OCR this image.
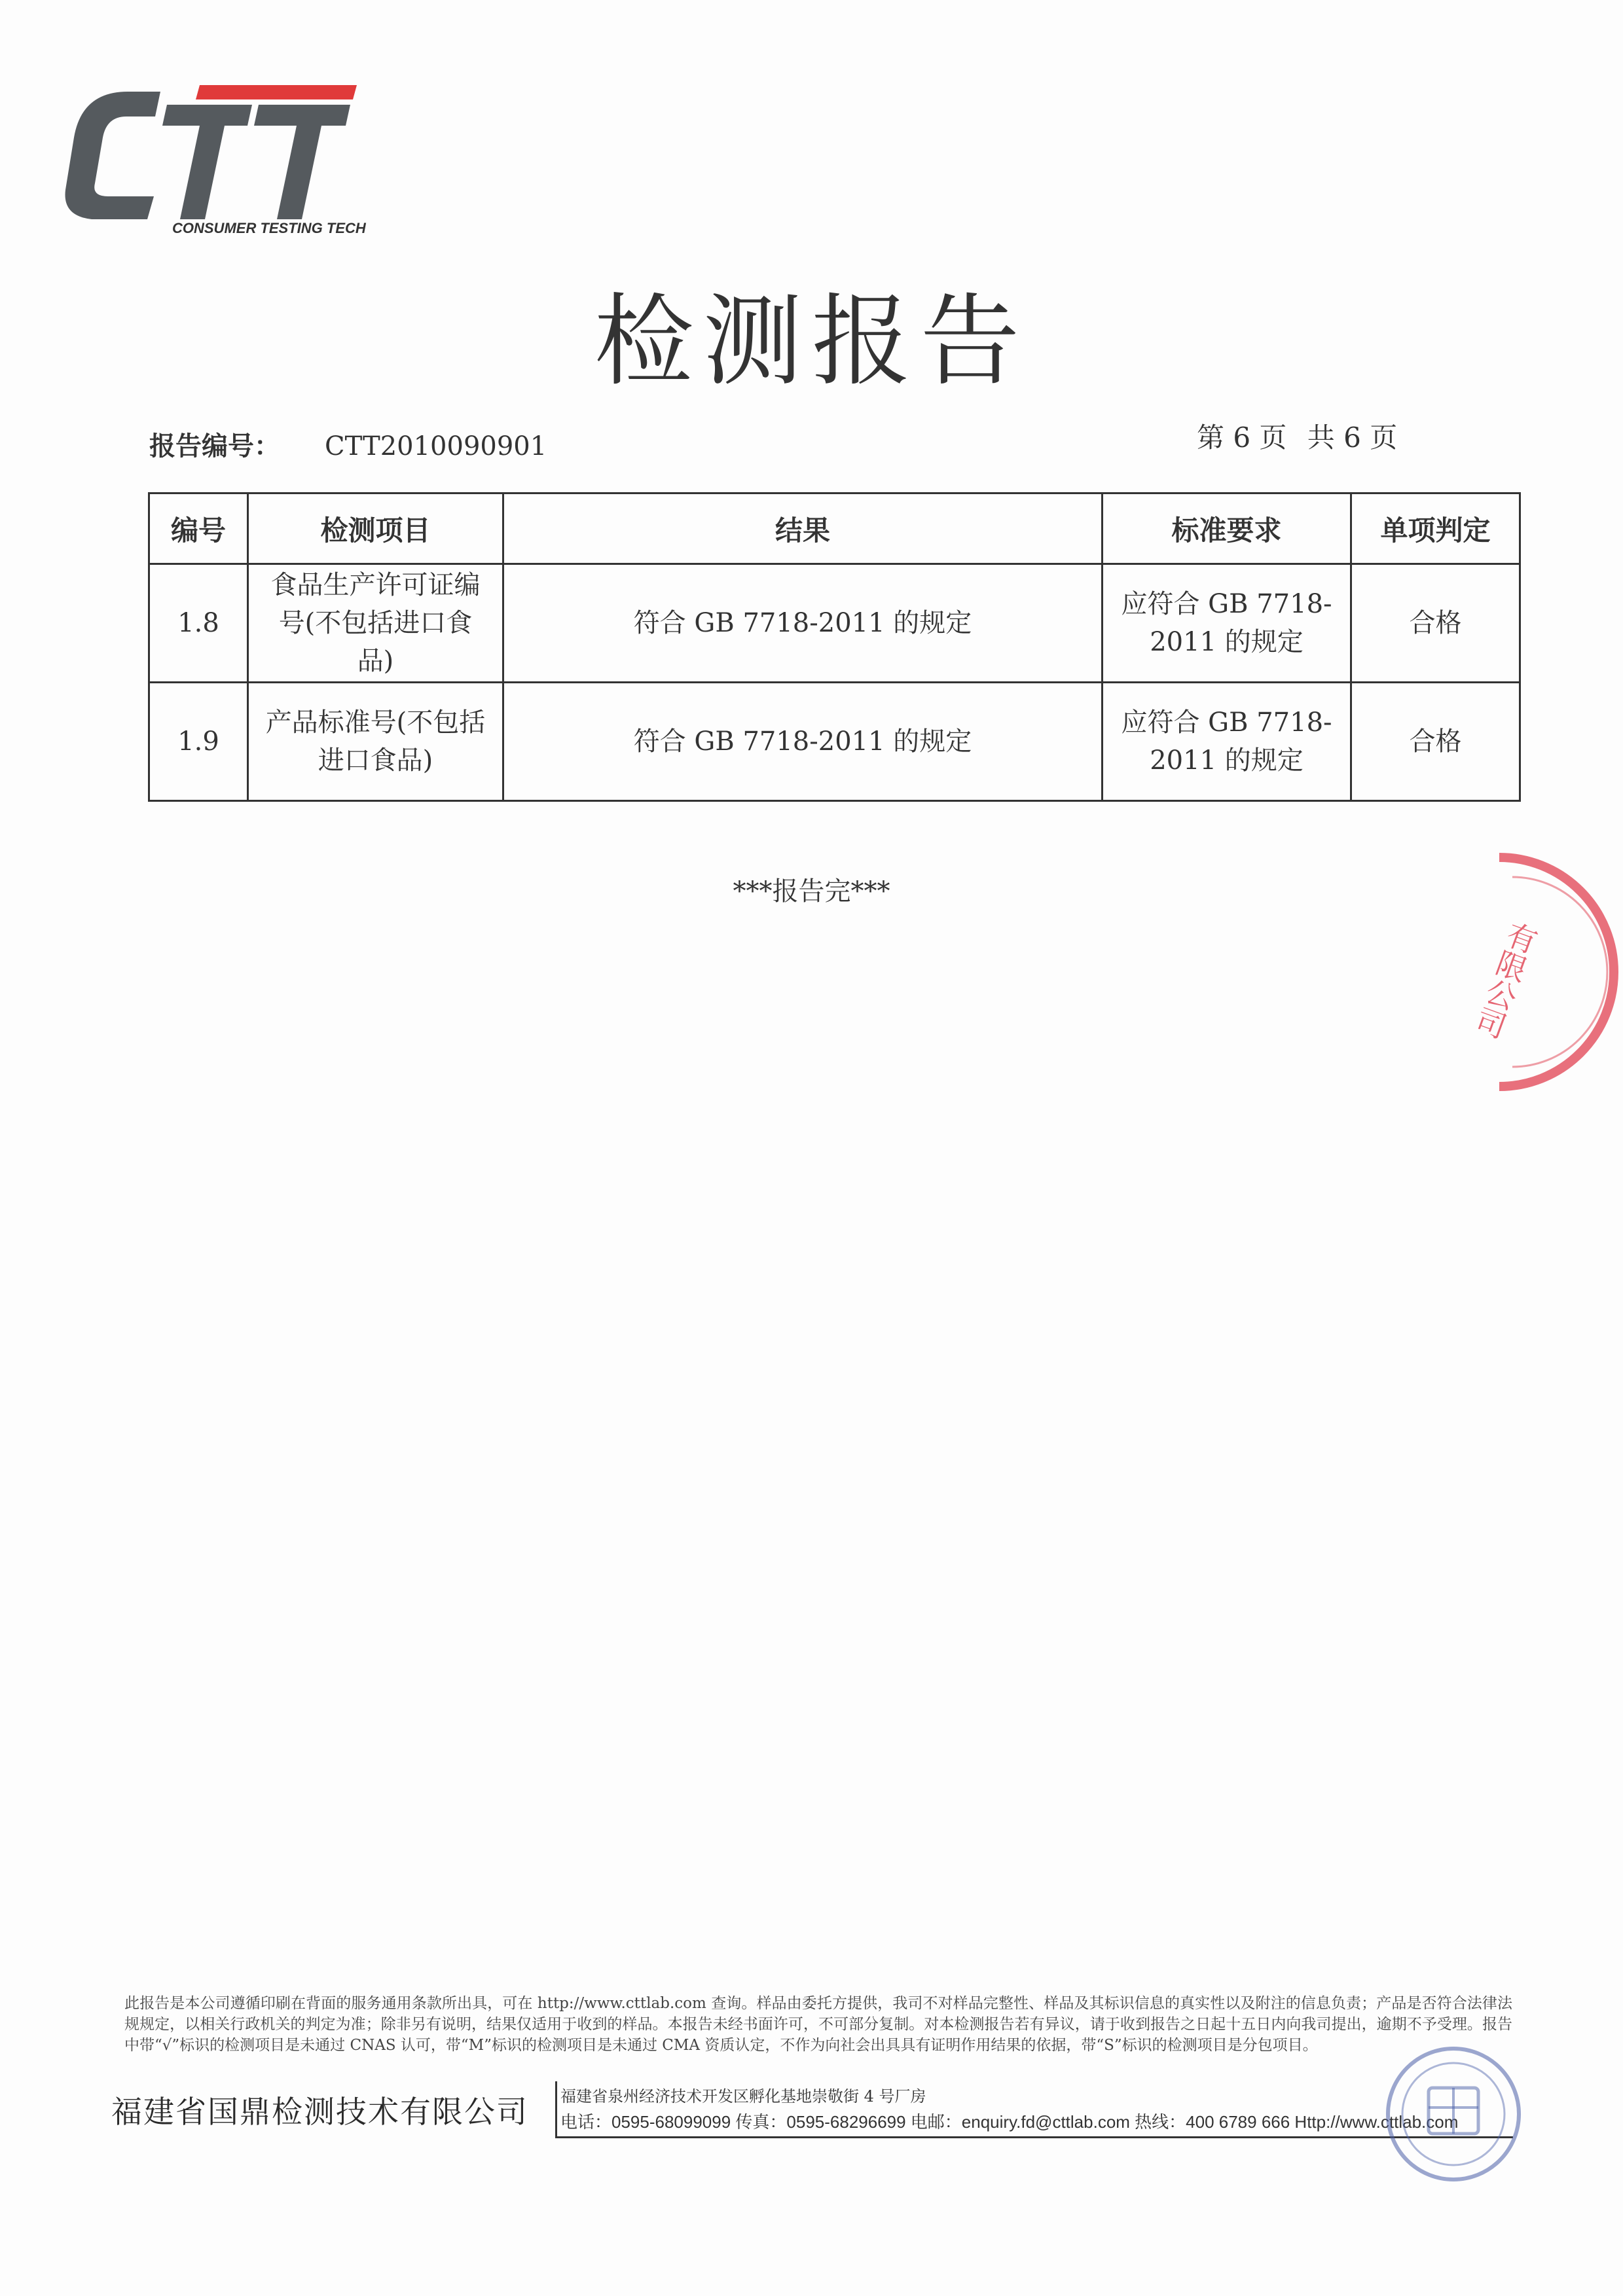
CONSUMER TESTING TECH
检测报告
报告编号： CTT2010090901	第 6 页 共 6 页
编号	检测项目	结果	标准要求	单项判定
1.8	食品生产许可证编号(不包括进口食品)	符合 GB 7718-2011 的规定	应符合 GB 7718-2011 的规定	合格
1.9	产品标准号(不包括进口食品)	符合 GB 7718-2011 的规定	应符合 GB 7718-2011 的规定	合格
***报告完***
有限公司
此报告是本公司遵循印刷在背面的服务通用条款所出具，可在 http://www.cttlab.com 查询。样品由委托方提供，我司不对样品完整性、样品及其标识信息的真实性以及附注的信息负责；产品是否符合法律法规规定，以相关行政机关的判定为准；除非另有说明，结果仅适用于收到的样品。本报告未经书面许可，不可部分复制。对本检测报告若有异议，请于收到报告之日起十五日内向我司提出，逾期不予受理。报告中带“√”标识的检测项目是未通过 CNAS 认可，带“M”标识的检测项目是未通过 CMA 资质认定，不作为向社会出具具有证明作用结果的依据，带“S”标识的检测项目是分包项目。
福建省国鼎检测技术有限公司 福建省泉州经济技术开发区孵化基地崇敬街 4 号厂房
电话：0595-68099099 传真：0595-68296699 电邮：enquiry.fd@cttlab.com 热线：400 6789 666 Http://www.cttlab.com
